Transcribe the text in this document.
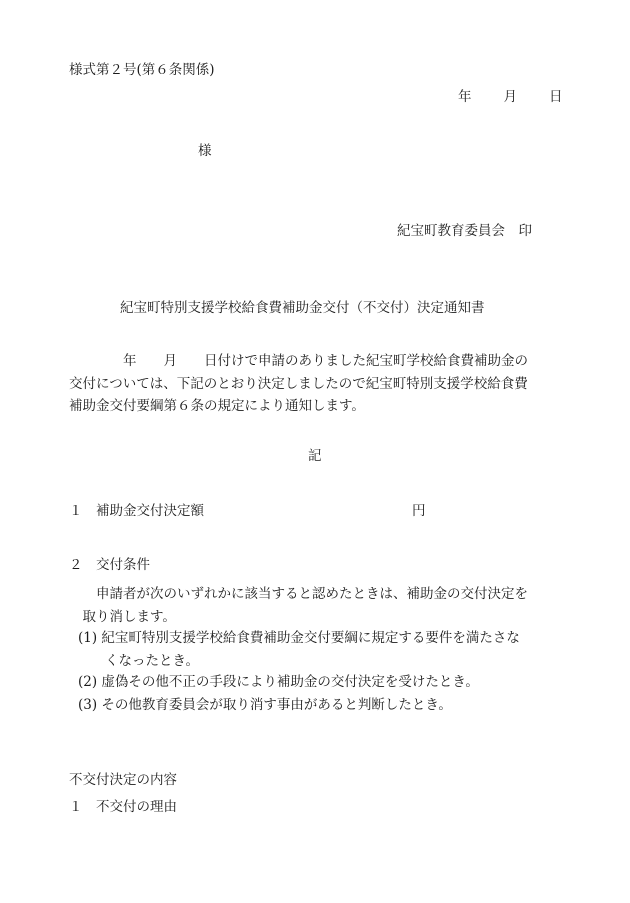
様式第２号(第６条関係)
年 月 日
様
紀宝町教育委員会　印
紀宝町特別支援学校給食費補助金交付（不交付）決定通知書
　　　　年　　月　　日付けで申請のありました紀宝町学校給食費補助金の
交付については、下記のとおり決定しましたので紀宝町特別支援学校給食費
補助金交付要綱第６条の規定により通知します。
記
１　補助金交付決定額	円
２　交付条件
　　申請者が次のいずれかに該当すると認めたときは、補助金の交付決定を
　取り消します。
(1) 紀宝町特別支援学校給食費補助金交付要綱に規定する要件を満たさな
　　くなったとき。
(2) 虚偽その他不正の手段により補助金の交付決定を受けたとき。
(3) その他教育委員会が取り消す事由があると判断したとき。
不交付決定の内容
１　不交付の理由
